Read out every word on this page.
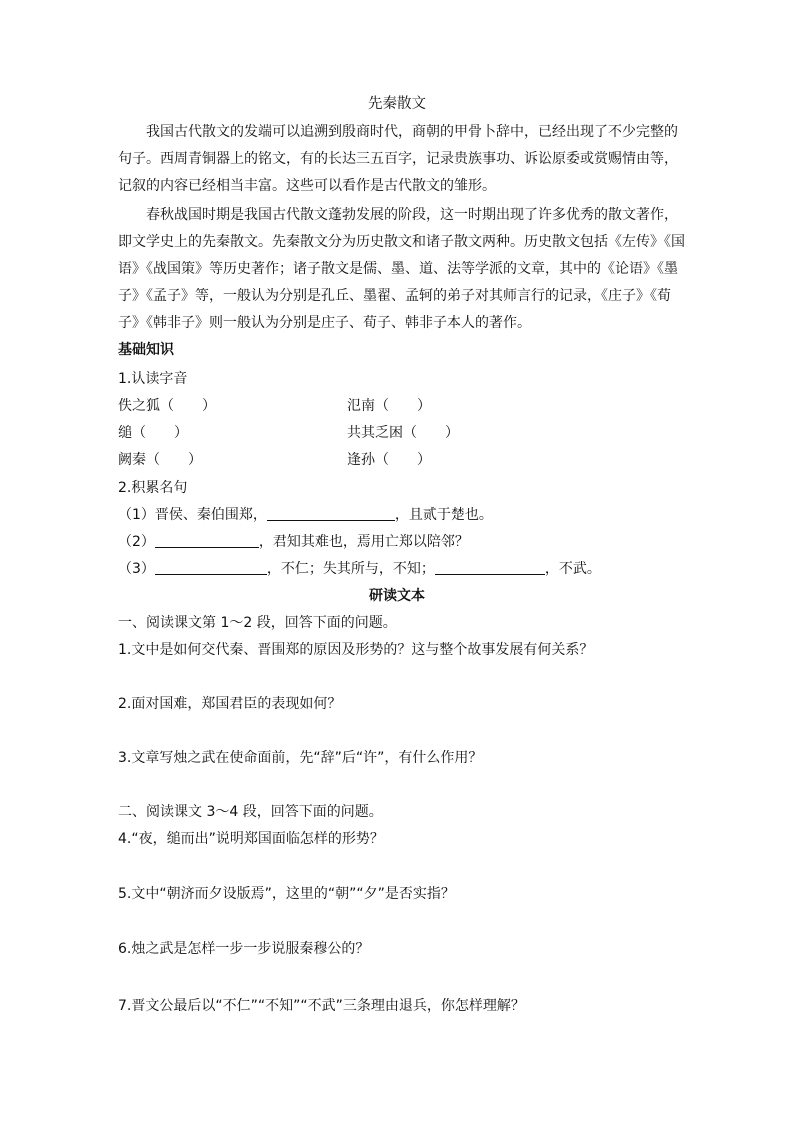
先秦散文
我国古代散文的发端可以追溯到殷商时代，商朝的甲骨卜辞中，已经出现了不少完整的
句子。西周青铜器上的铭文，有的长达三五百字，记录贵族事功、诉讼原委或赏赐情由等，
记叙的内容已经相当丰富。这些可以看作是古代散文的雏形。
春秋战国时期是我国古代散文蓬勃发展的阶段，这一时期出现了许多优秀的散文著作，
即文学史上的先秦散文。先秦散文分为历史散文和诸子散文两种。历史散文包括《左传》《国
语》《战国策》等历史著作；诸子散文是儒、墨、道、法等学派的文章，其中的《论语》《墨
子》《孟子》等，一般认为分别是孔丘、墨翟、孟轲的弟子对其师言行的记录，《庄子》《荀
子》《韩非子》则一般认为分别是庄子、荀子、韩非子本人的著作。
基础知识
1.认读字音
佚之狐（　　）	氾南（　　）
缒（　　）	共其乏困（　　）
阙秦（　　）	逢孙（　　）
2.积累名句
（1）晋侯、秦伯围郑，	，且贰于楚也。
（2）	，君知其难也，焉用亡郑以陪邻？
（3）	，不仁；失其所与，不知；	，不武。
研读文本
一、阅读课文第 1～2 段，回答下面的问题。
1.文中是如何交代秦、晋围郑的原因及形势的？这与整个故事发展有何关系？
2.面对国难，郑国君臣的表现如何？
3.文章写烛之武在使命面前，先“辞”后“许”，有什么作用？
二、阅读课文 3～4 段，回答下面的问题。
4.“夜，缒而出”说明郑国面临怎样的形势？
5.文中“朝济而夕设版焉”，这里的“朝”“夕”是否实指？
6.烛之武是怎样一步一步说服秦穆公的？
7.晋文公最后以“不仁”“不知”“不武”三条理由退兵，你怎样理解？
